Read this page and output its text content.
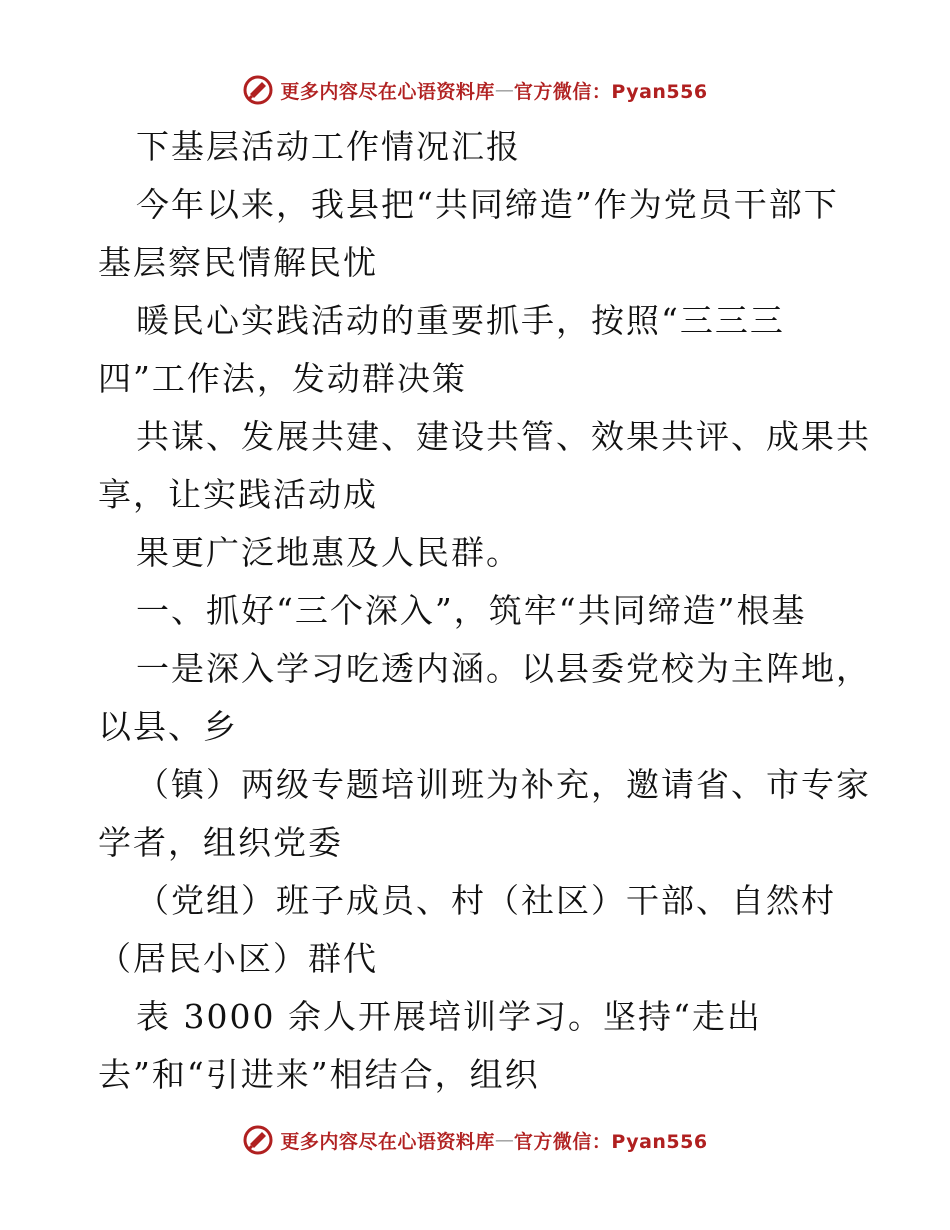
更多内容尽在心语资料库 — 官方微信：Pyan556
下基层活动工作情况汇报
今年以来，我县把“共同缔造”作为党员干部下
基层察民情解民忧
暖民心实践活动的重要抓手，按照“三三三
四”工作法，发动群决策
共谋、发展共建、建设共管、效果共评、成果共
享，让实践活动成
果更广泛地惠及人民群。
一、抓好“三个深入”，筑牢“共同缔造”根基
一是深入学习吃透内涵。以县委党校为主阵地，
以县、乡
（镇）两级专题培训班为补充，邀请省、市专家
学者，组织党委
（党组）班子成员、村（社区）干部、自然村
（居民小区）群代
表 3000 余人开展培训学习。坚持“走出
去”和“引进来”相结合，组织
更多内容尽在心语资料库 — 官方微信：Pyan556
